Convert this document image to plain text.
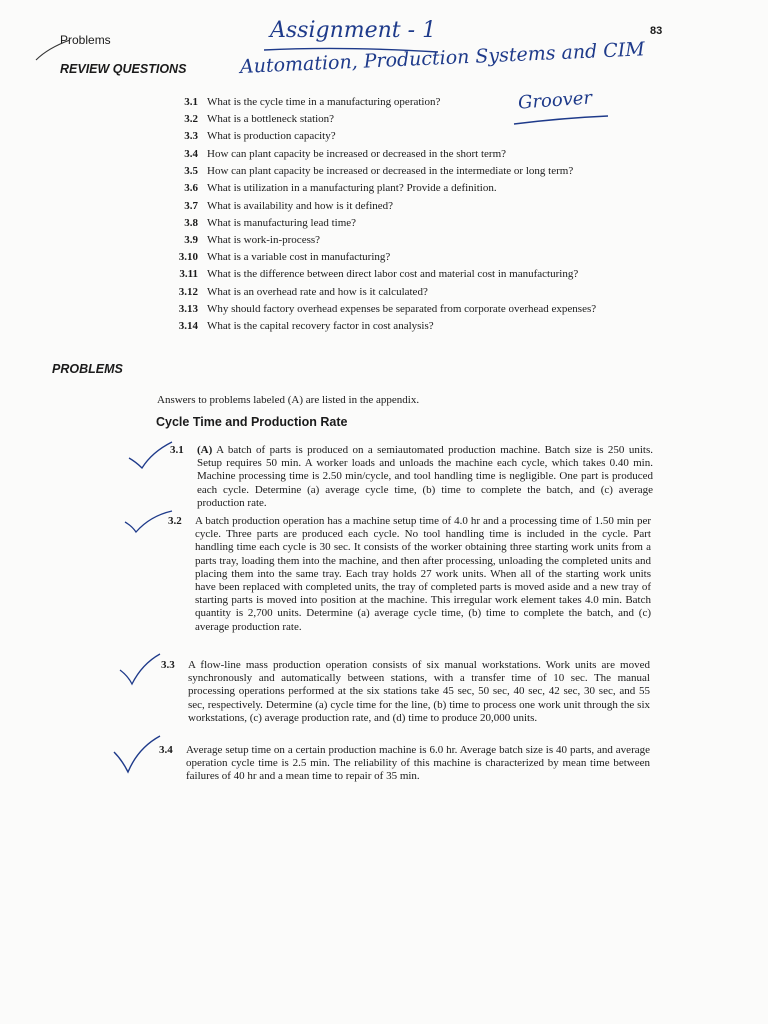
83
Problems
REVIEW QUESTIONS
Assignment - 1
Automation, Production Systems and CIM
Groover
3.1 What is the cycle time in a manufacturing operation?
3.2 What is a bottleneck station?
3.3 What is production capacity?
3.4 How can plant capacity be increased or decreased in the short term?
3.5 How can plant capacity be increased or decreased in the intermediate or long term?
3.6 What is utilization in a manufacturing plant? Provide a definition.
3.7 What is availability and how is it defined?
3.8 What is manufacturing lead time?
3.9 What is work-in-process?
3.10 What is a variable cost in manufacturing?
3.11 What is the difference between direct labor cost and material cost in manufacturing?
3.12 What is an overhead rate and how is it calculated?
3.13 Why should factory overhead expenses be separated from corporate overhead expenses?
3.14 What is the capital recovery factor in cost analysis?
PROBLEMS
Answers to problems labeled (A) are listed in the appendix.
Cycle Time and Production Rate
3.1 (A) A batch of parts is produced on a semiautomated production machine. Batch size is 250 units. Setup requires 50 min. A worker loads and unloads the machine each cycle, which takes 0.40 min. Machine processing time is 2.50 min/cycle, and tool handling time is negligible. One part is produced each cycle. Determine (a) average cycle time, (b) time to complete the batch, and (c) average production rate.
3.2 A batch production operation has a machine setup time of 4.0 hr and a processing time of 1.50 min per cycle. Three parts are produced each cycle. No tool handling time is included in the cycle. Part handling time each cycle is 30 sec. It consists of the worker obtaining three starting work units from a parts tray, loading them into the machine, and then after processing, unloading the completed units and placing them into the same tray. Each tray holds 27 work units. When all of the starting work units have been replaced with completed units, the tray of completed parts is moved aside and a new tray of starting parts is moved into position at the machine. This irregular work element takes 4.0 min. Batch quantity is 2,700 units. Determine (a) average cycle time, (b) time to complete the batch, and (c) average production rate.
3.3 A flow-line mass production operation consists of six manual workstations. Work units are moved synchronously and automatically between stations, with a transfer time of 10 sec. The manual processing operations performed at the six stations take 45 sec, 50 sec, 40 sec, 42 sec, 30 sec, and 55 sec, respectively. Determine (a) cycle time for the line, (b) time to process one work unit through the six workstations, (c) average production rate, and (d) time to produce 20,000 units.
3.4 Average setup time on a certain production machine is 6.0 hr. Average batch size is 40 parts, and average operation cycle time is 2.5 min. The reliability of this machine is characterized by mean time between failures of 40 hr and a mean time to repair of 35 min.
